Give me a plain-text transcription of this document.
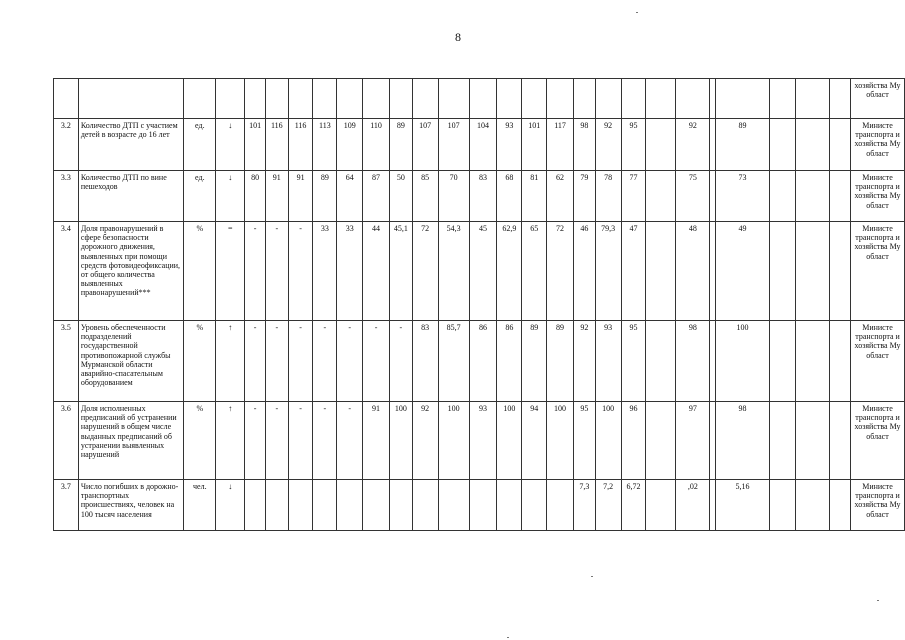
8
																											хозяйства Му
област
3.2	Количество ДТП с участием детей в возрасте до 16 лет	ед.	↓	101	116	116	113	109	110	89	107	107	104	93	101	117	98	92	95		92		89				Министе
транспорта и
хозяйства Му
област
3.3	Количество ДТП по вине пешеходов	ед.	↓	80	91	91	89	64	87	50	85	70	83	68	81	62	79	78	77		75		73				Министе
транспорта и
хозяйства Му
област
3.4	Доля правонарушений в сфере безопасности дорожного движения, выявленных при помощи средств фотовидеофиксации, от общего количества выявленных правонарушений***	%	=	-	-	-	33	33	44	45,1	72	54,3	45	62,9	65	72	46	79,3	47		48		49				Министе
транспорта и
хозяйства Му
област
3.5	Уровень обеспеченности подразделений государственной противопожарной службы Мурманской области аварийно-спасательным оборудованием	%	↑	-	-	-	-	-	-	-	83	85,7	86	86	89	89	92	93	95		98		100				Министе
транспорта и
хозяйства Му
област
3.6	Доля исполненных предписаний об устранении нарушений в общем числе выданных предписаний об устранении выявленных нарушений	%	↑	-	-	-	-	-	91	100	92	100	93	100	94	100	95	100	96		97		98				Министе
транспорта и
хозяйства Му
област
3.7	Число погибших в дорожно-транспортных происшествиях, человек на 100 тысяч населения	чел.	↓														7,3	7,2	6,72		,02		5,16				Министе
транспорта и
хозяйства Му
област
